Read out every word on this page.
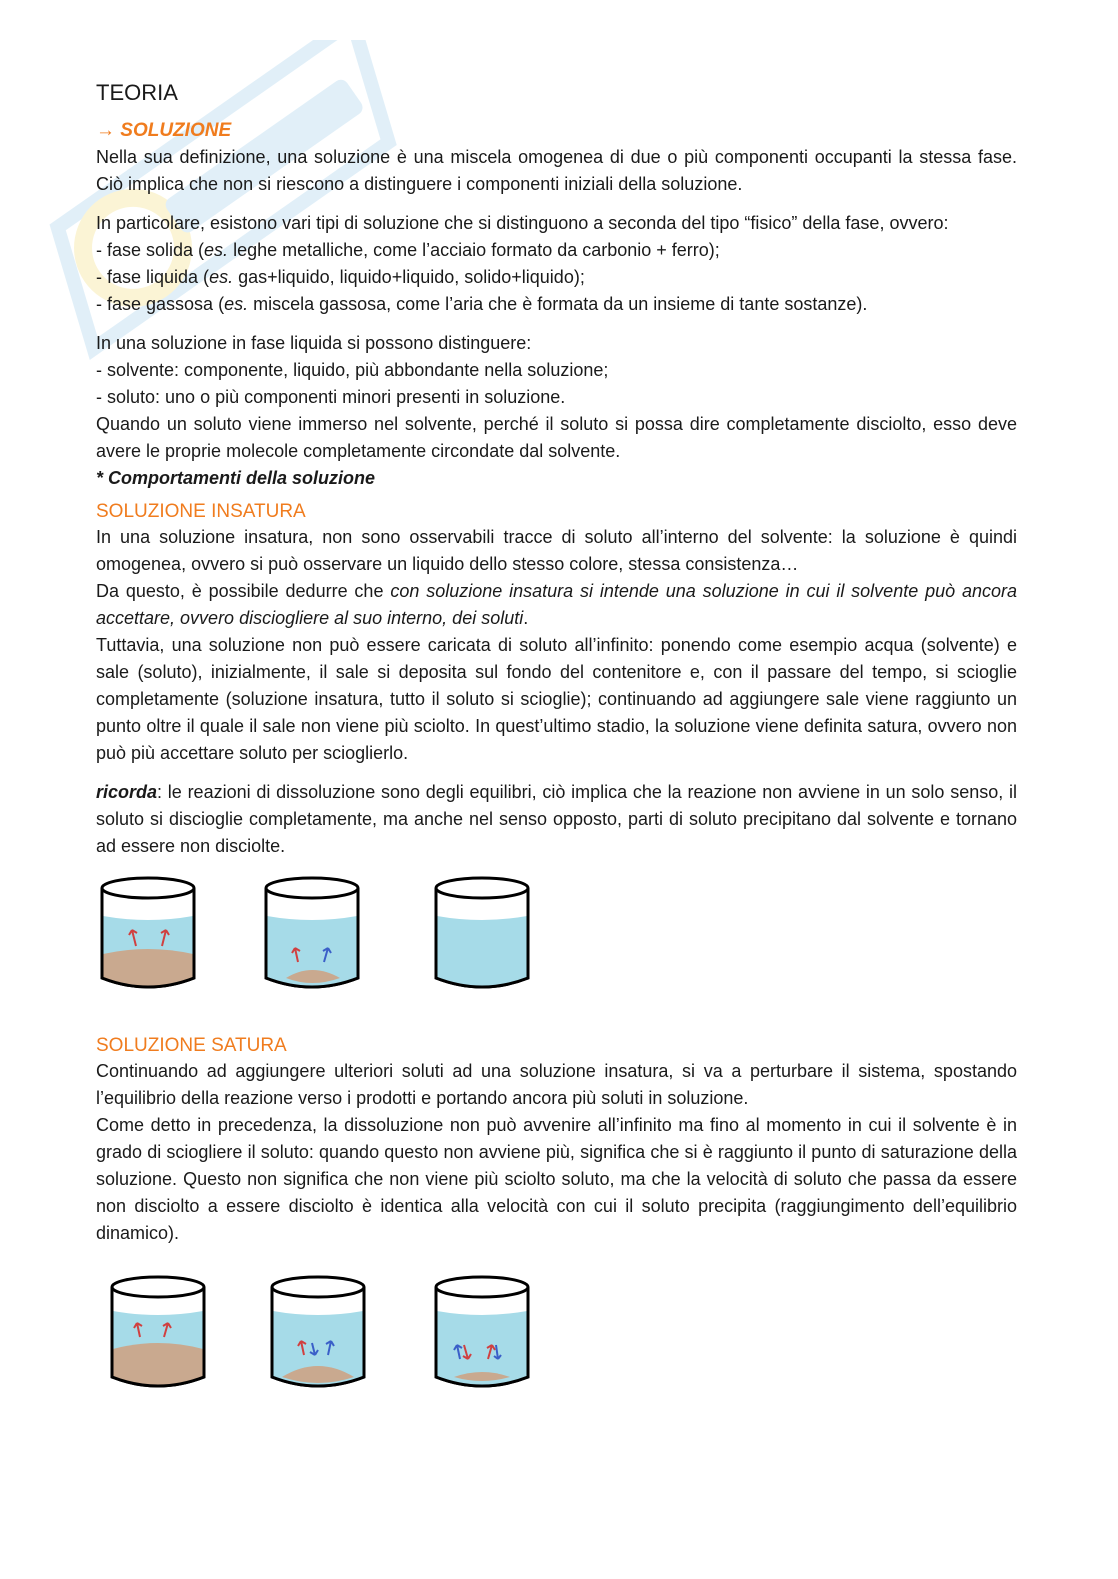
TEORIA
→ SOLUZIONE

Nella sua definizione, una soluzione è una miscela omogenea di due o più componenti occupanti la stessa fase. Ciò implica che non si riescono a distinguere i componenti iniziali della soluzione.

In particolare, esistono vari tipi di soluzione che si distinguono a seconda del tipo “fisico” della fase, ovvero:

- fase solida (es. leghe metalliche, come l’acciaio formato da carbonio + ferro);

- fase liquida (es. gas+liquido, liquido+liquido, solido+liquido);

- fase gassosa (es. miscela gassosa, come l’aria che è formata da un insieme di tante sostanze).

In una soluzione in fase liquida si possono distinguere:

- solvente: componente, liquido, più abbondante nella soluzione;

- soluto: uno o più componenti minori presenti in soluzione.

Quando un soluto viene immerso nel solvente, perché il soluto si possa dire completamente disciolto, esso deve avere le proprie molecole completamente circondate dal solvente.

* Comportamenti della soluzione

SOLUZIONE INSATURA

In una soluzione insatura, non sono osservabili tracce di soluto all’interno del solvente: la soluzione è quindi omogenea, ovvero si può osservare un liquido dello stesso colore, stessa consistenza…

Da questo, è possibile dedurre che con soluzione insatura si intende una soluzione in cui il solvente può ancora accettare, ovvero disciogliere al suo interno, dei soluti.

Tuttavia, una soluzione non può essere caricata di soluto all’infinito: ponendo come esempio acqua (solvente) e sale (soluto), inizialmente, il sale si deposita sul fondo del contenitore e, con il passare del tempo, si scioglie completamente (soluzione insatura, tutto il soluto si scioglie); continuando ad aggiungere sale viene raggiunto un punto oltre il quale il sale non viene più sciolto. In quest’ultimo stadio, la soluzione viene definita satura, ovvero non può più accettare soluto per scioglierlo.

ricorda: le reazioni di dissoluzione sono degli equilibri, ciò implica che la reazione non avviene in un solo senso, il soluto si discioglie completamente, ma anche nel senso opposto, parti di soluto precipitano dal solvente e tornano ad essere non disciolte.

SOLUZIONE SATURA

Continuando ad aggiungere ulteriori soluti ad una soluzione insatura, si va a perturbare il sistema, spostando l’equilibrio della reazione verso i prodotti e portando ancora più soluti in soluzione.

Come detto in precedenza, la dissoluzione non può avvenire all’infinito ma fino al momento in cui il solvente è in grado di sciogliere il soluto: quando questo non avviene più, significa che si è raggiunto il punto di saturazione della soluzione. Questo non significa che non viene più sciolto soluto, ma che la velocità di soluto che passa da essere non disciolto a essere disciolto è identica alla velocità con cui il soluto precipita (raggiungimento dell’equilibrio dinamico).
